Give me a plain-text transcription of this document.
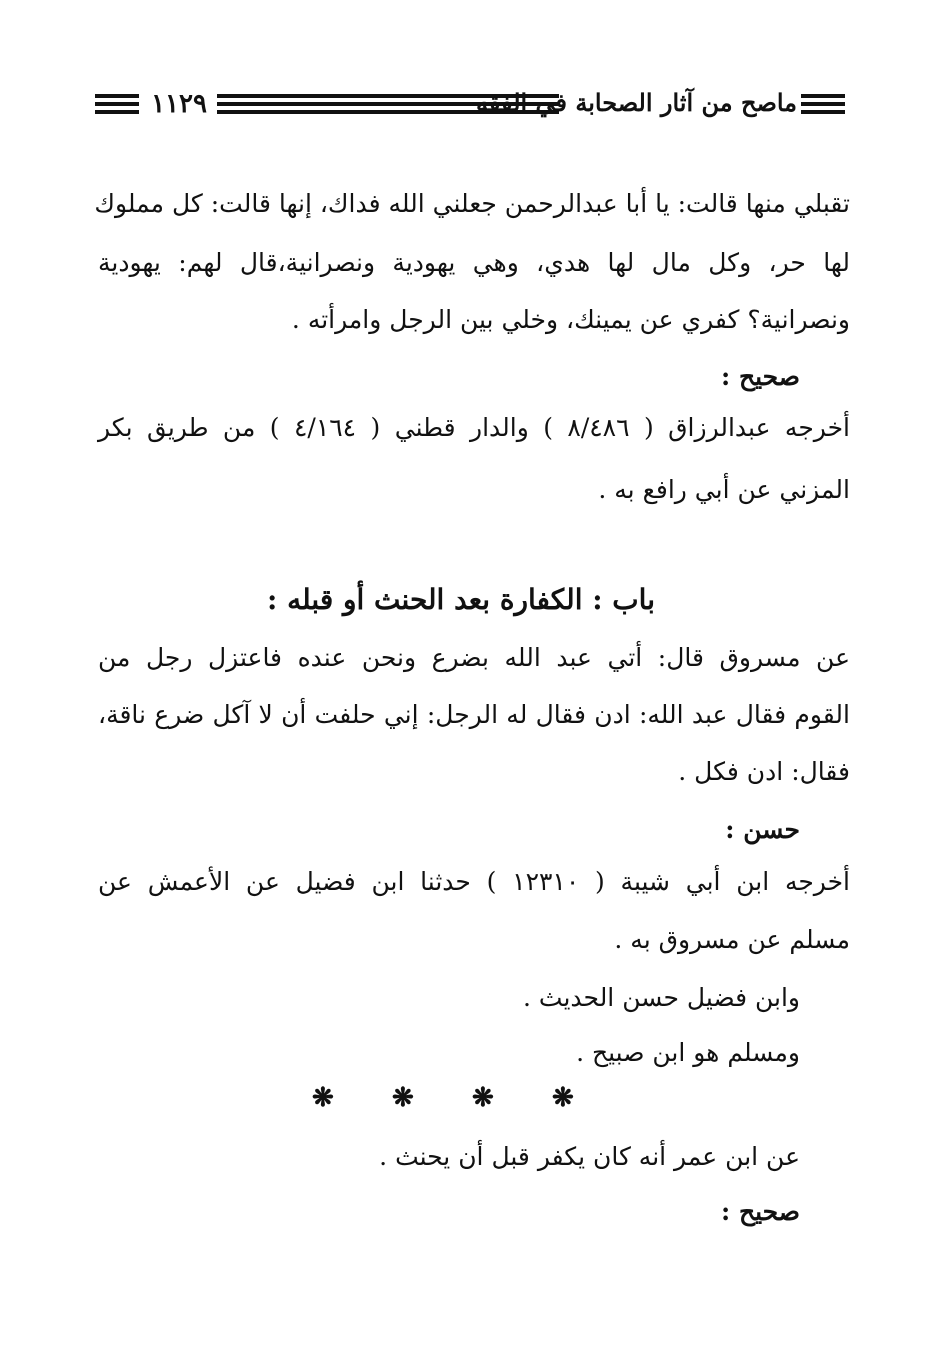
١١٢٩	ماصح من آثار الصحابة في الفقه
تقبلي منها قالت: يا أبا عبدالرحمن جعلني الله فداك، إنها قالت: كل مملوك
لها حر، وكل مال لها هدي، وهي يهودية ونصرانية،قال لهم: يهودية
ونصرانية؟ كفري عن يمينك، وخلي بين الرجل وامرأته .
صحيح :
أخرجه عبدالرزاق ( ٨/٤٨٦ ) والدار قطني ( ٤/١٦٤ ) من طريق بكر
المزني عن أبي رافع به .
باب : الكفارة بعد الحنث أو قبله :
عن مسروق قال: أتي عبد الله بضرع ونحن عنده فاعتزل رجل من
القوم فقال عبد الله: ادن فقال له الرجل: إني حلفت أن لا آكل ضرع ناقة،
فقال: ادن فكل .
حسن :
أخرجه ابن أبي شيبة ( ١٢٣١٠ ) حدثنا ابن فضيل عن الأعمش عن
مسلم عن مسروق به .
وابن فضيل حسن الحديث .
ومسلم هو ابن صبيح .
❋ ❋ ❋ ❋
عن ابن عمر أنه كان يكفر قبل أن يحنث .
صحيح :
